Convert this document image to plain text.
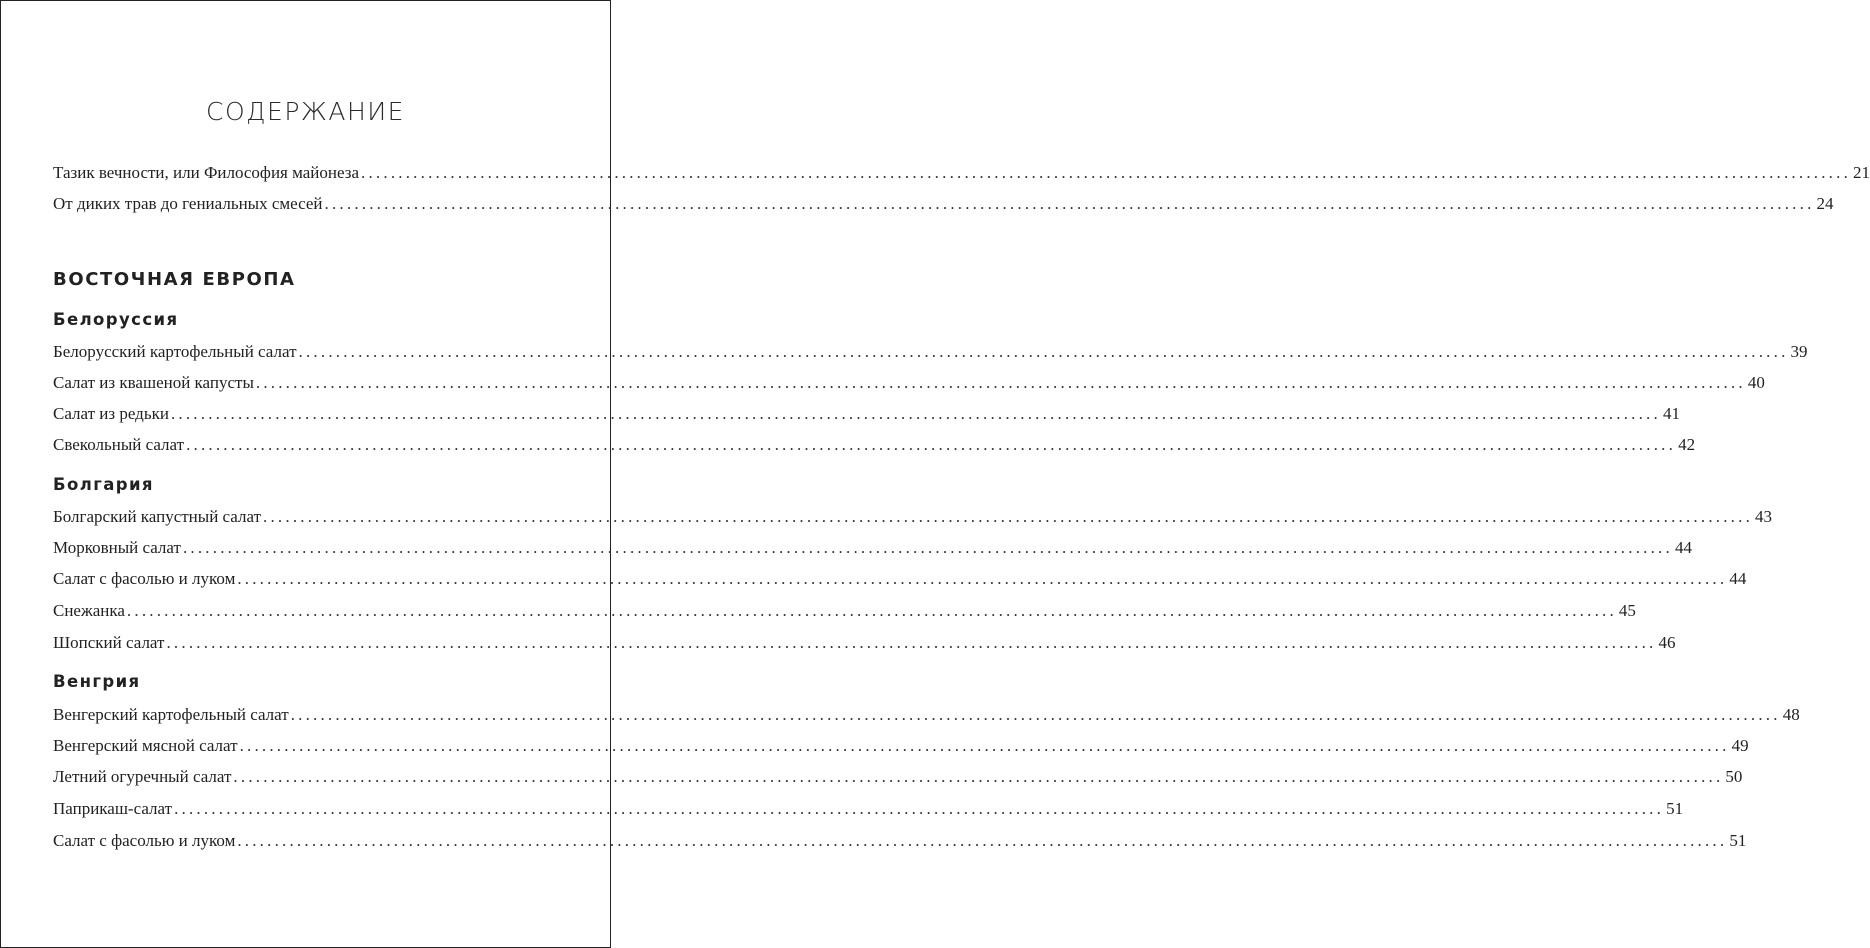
СОДЕРЖАНИЕ
Тазик вечности, или Философия майонеза ........................................................................................................................................................................................................ 21
От диких трав до гениальных смесей ........................................................................................................................................................................................................ 24
ВОСТОЧНАЯ ЕВРОПА
Белоруссия
Белорусский картофельный салат ........................................................................................................................................................................................................ 39
Салат из квашеной капусты ........................................................................................................................................................................................................ 40
Салат из редьки ........................................................................................................................................................................................................ 41
Свекольный салат ........................................................................................................................................................................................................ 42
Болгария
Болгарский капустный салат ........................................................................................................................................................................................................ 43
Морковный салат ........................................................................................................................................................................................................ 44
Салат с фасолью и луком ........................................................................................................................................................................................................ 44
Снежанка ........................................................................................................................................................................................................ 45
Шопский салат ........................................................................................................................................................................................................ 46
Венгрия
Венгерский картофельный салат ........................................................................................................................................................................................................ 48
Венгерский мясной салат ........................................................................................................................................................................................................ 49
Летний огуречный салат ........................................................................................................................................................................................................ 50
Паприкаш-салат ........................................................................................................................................................................................................ 51
Салат с фасолью и луком ........................................................................................................................................................................................................ 51
